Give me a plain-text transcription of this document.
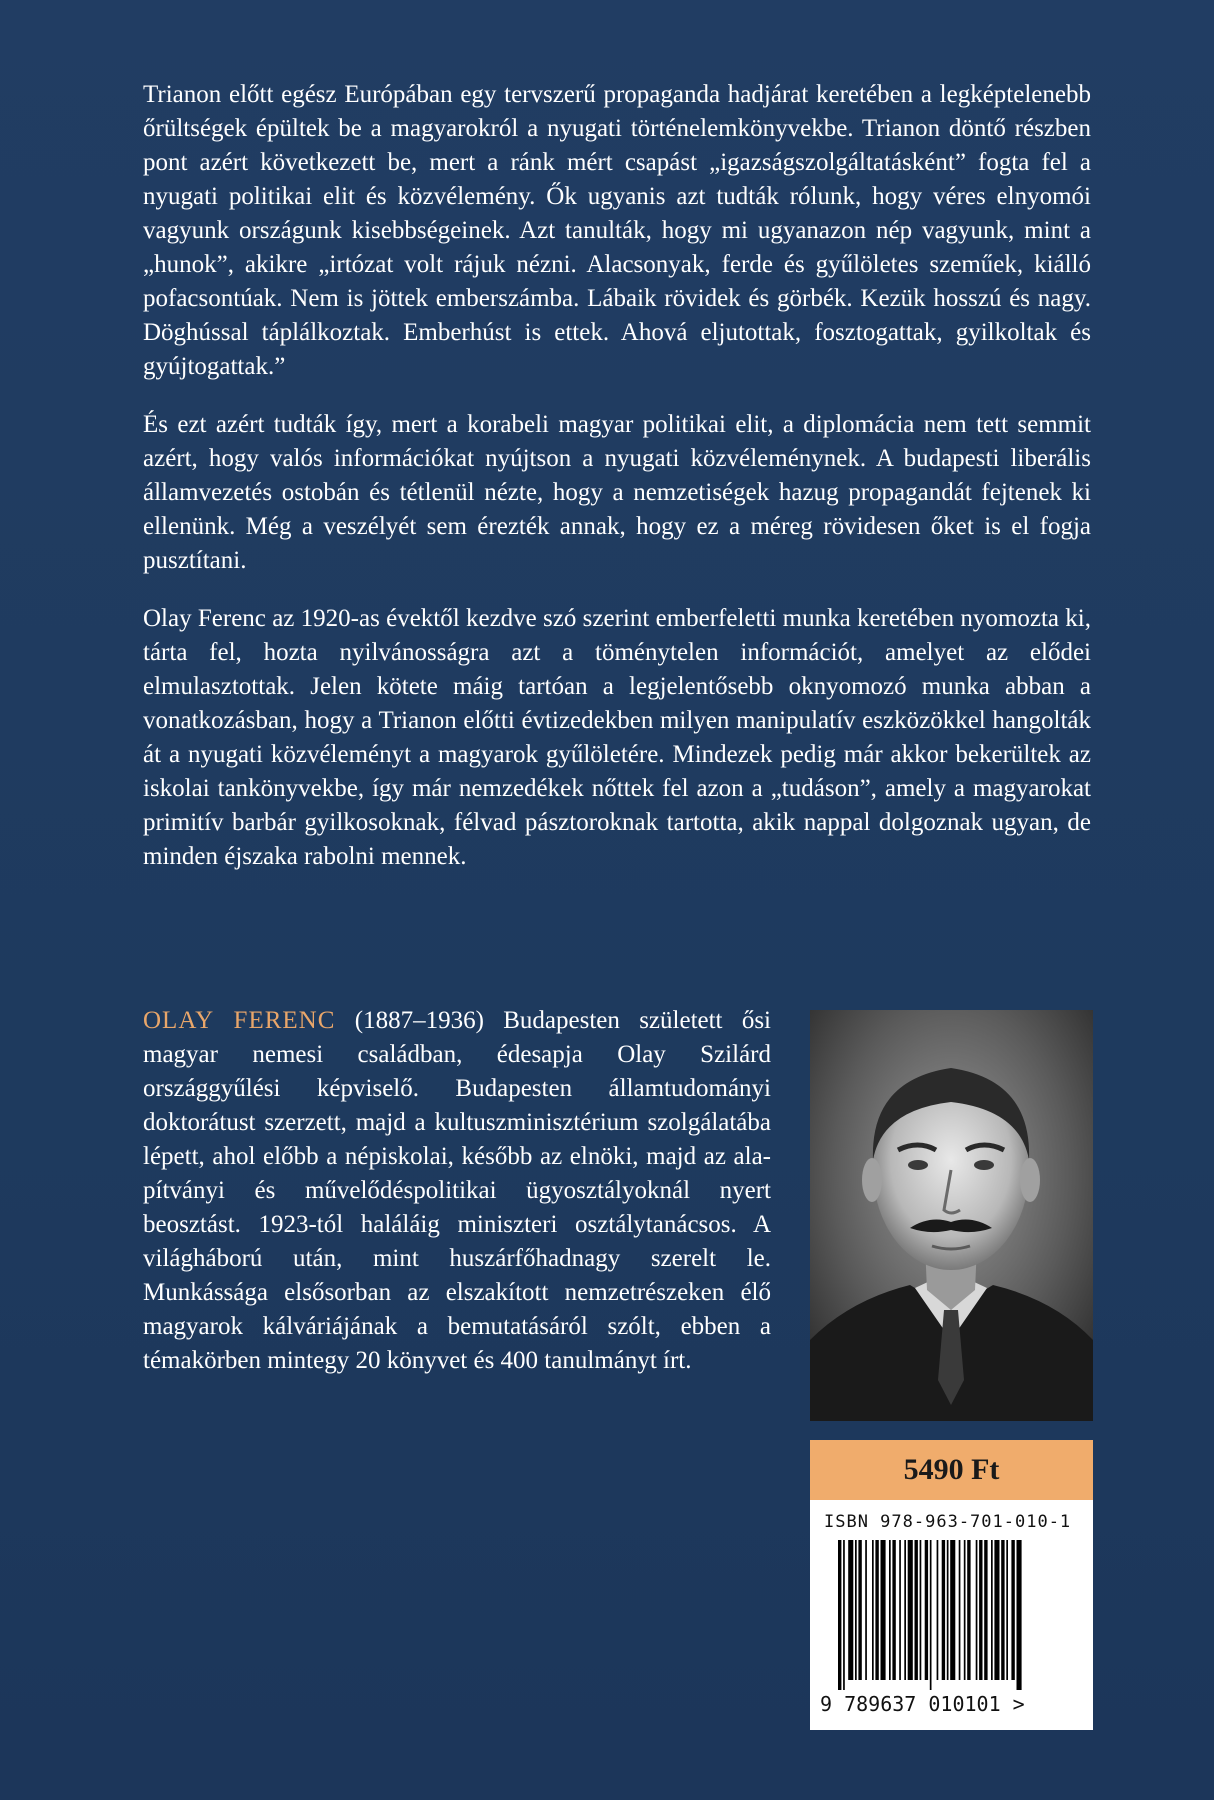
Trianon előtt egész Európában egy tervszerű propaganda hadjárat keretében a legképtelenebb őrültségek épültek be a magyarokról a nyugati történelemkönyvekbe. Trianon döntő részben pont azért következett be, mert a ránk mért csapást „igazságszolgáltatásként” fogta fel a nyugati politikai elit és közvélemény. Ők ugyanis azt tudták rólunk, hogy véres elnyomói vagyunk országunk kisebbségeinek. Azt tanulták, hogy mi ugyanazon nép vagyunk, mint a „hunok”, akikre „irtózat volt rájuk nézni. Alacsonyak, ferde és gyűlöletes szeműek, kiálló pofacsontúak. Nem is jöttek emberszámba. Lábaik rövidek és görbék. Kezük hosszú és nagy. Döghússal táplálkoztak. Emberhúst is ettek. Ahová eljutottak, fosztogattak, gyilkoltak és gyújtogattak.”

És ezt azért tudták így, mert a korabeli magyar politikai elit, a diplomácia nem tett semmit azért, hogy valós információkat nyújtson a nyugati közvéleménynek. A budapesti liberális államvezetés ostobán és tétlenül nézte, hogy a nemzetiségek hazug propagandát fejtenek ki ellenünk. Még a veszélyét sem érezték annak, hogy ez a méreg rövidesen őket is el fogja pusztítani.

Olay Ferenc az 1920-as évektől kezdve szó szerint emberfeletti munka keretében nyomozta ki, tárta fel, hozta nyilvánosságra azt a töménytelen információt, amelyet az elődei elmulasztottak. Jelen kötete máig tartóan a legjelentősebb oknyomozó munka abban a vonatkozásban, hogy a Trianon előtti évtizedekben milyen manipulatív eszközökkel hangolták át a nyugati közvéleményt a magyarok gyűlöletére. Mindezek pedig már akkor bekerültek az iskolai tankönyvekbe, így már nemzedékek nőttek fel azon a „tudáson”, amely a magyarokat primitív barbár gyilkosoknak, félvad pásztoroknak tartotta, akik nappal dolgoznak ugyan, de minden éjszaka rabolni mennek.

OLAY FERENC (1887–1936) Budapesten született ősi magyar nemesi családban, édesapja Olay Szilárd országgyűlési képviselő. Budapesten államtudományi doktorátust szerzett, majd a kultuszminisztérium szolgálatába lépett, ahol előbb a népiskolai, később az elnöki, majd az alapítványi és művelődéspolitikai ügyosztályoknál nyert beosztást. 1923-tól haláláig miniszteri osztálytanácsos. A világháború után, mint huszárfőhadnagy szerelt le. Munkássága elsősorban az elszakított nemzetrészeken élő magyarok kálváriájának a bemutatásáról szólt, ebben a témakörben mintegy 20 könyvet és 400 tanulmányt írt.
5490 Ft
ISBN 978-963-701-010-1
9 789637 010101 >
